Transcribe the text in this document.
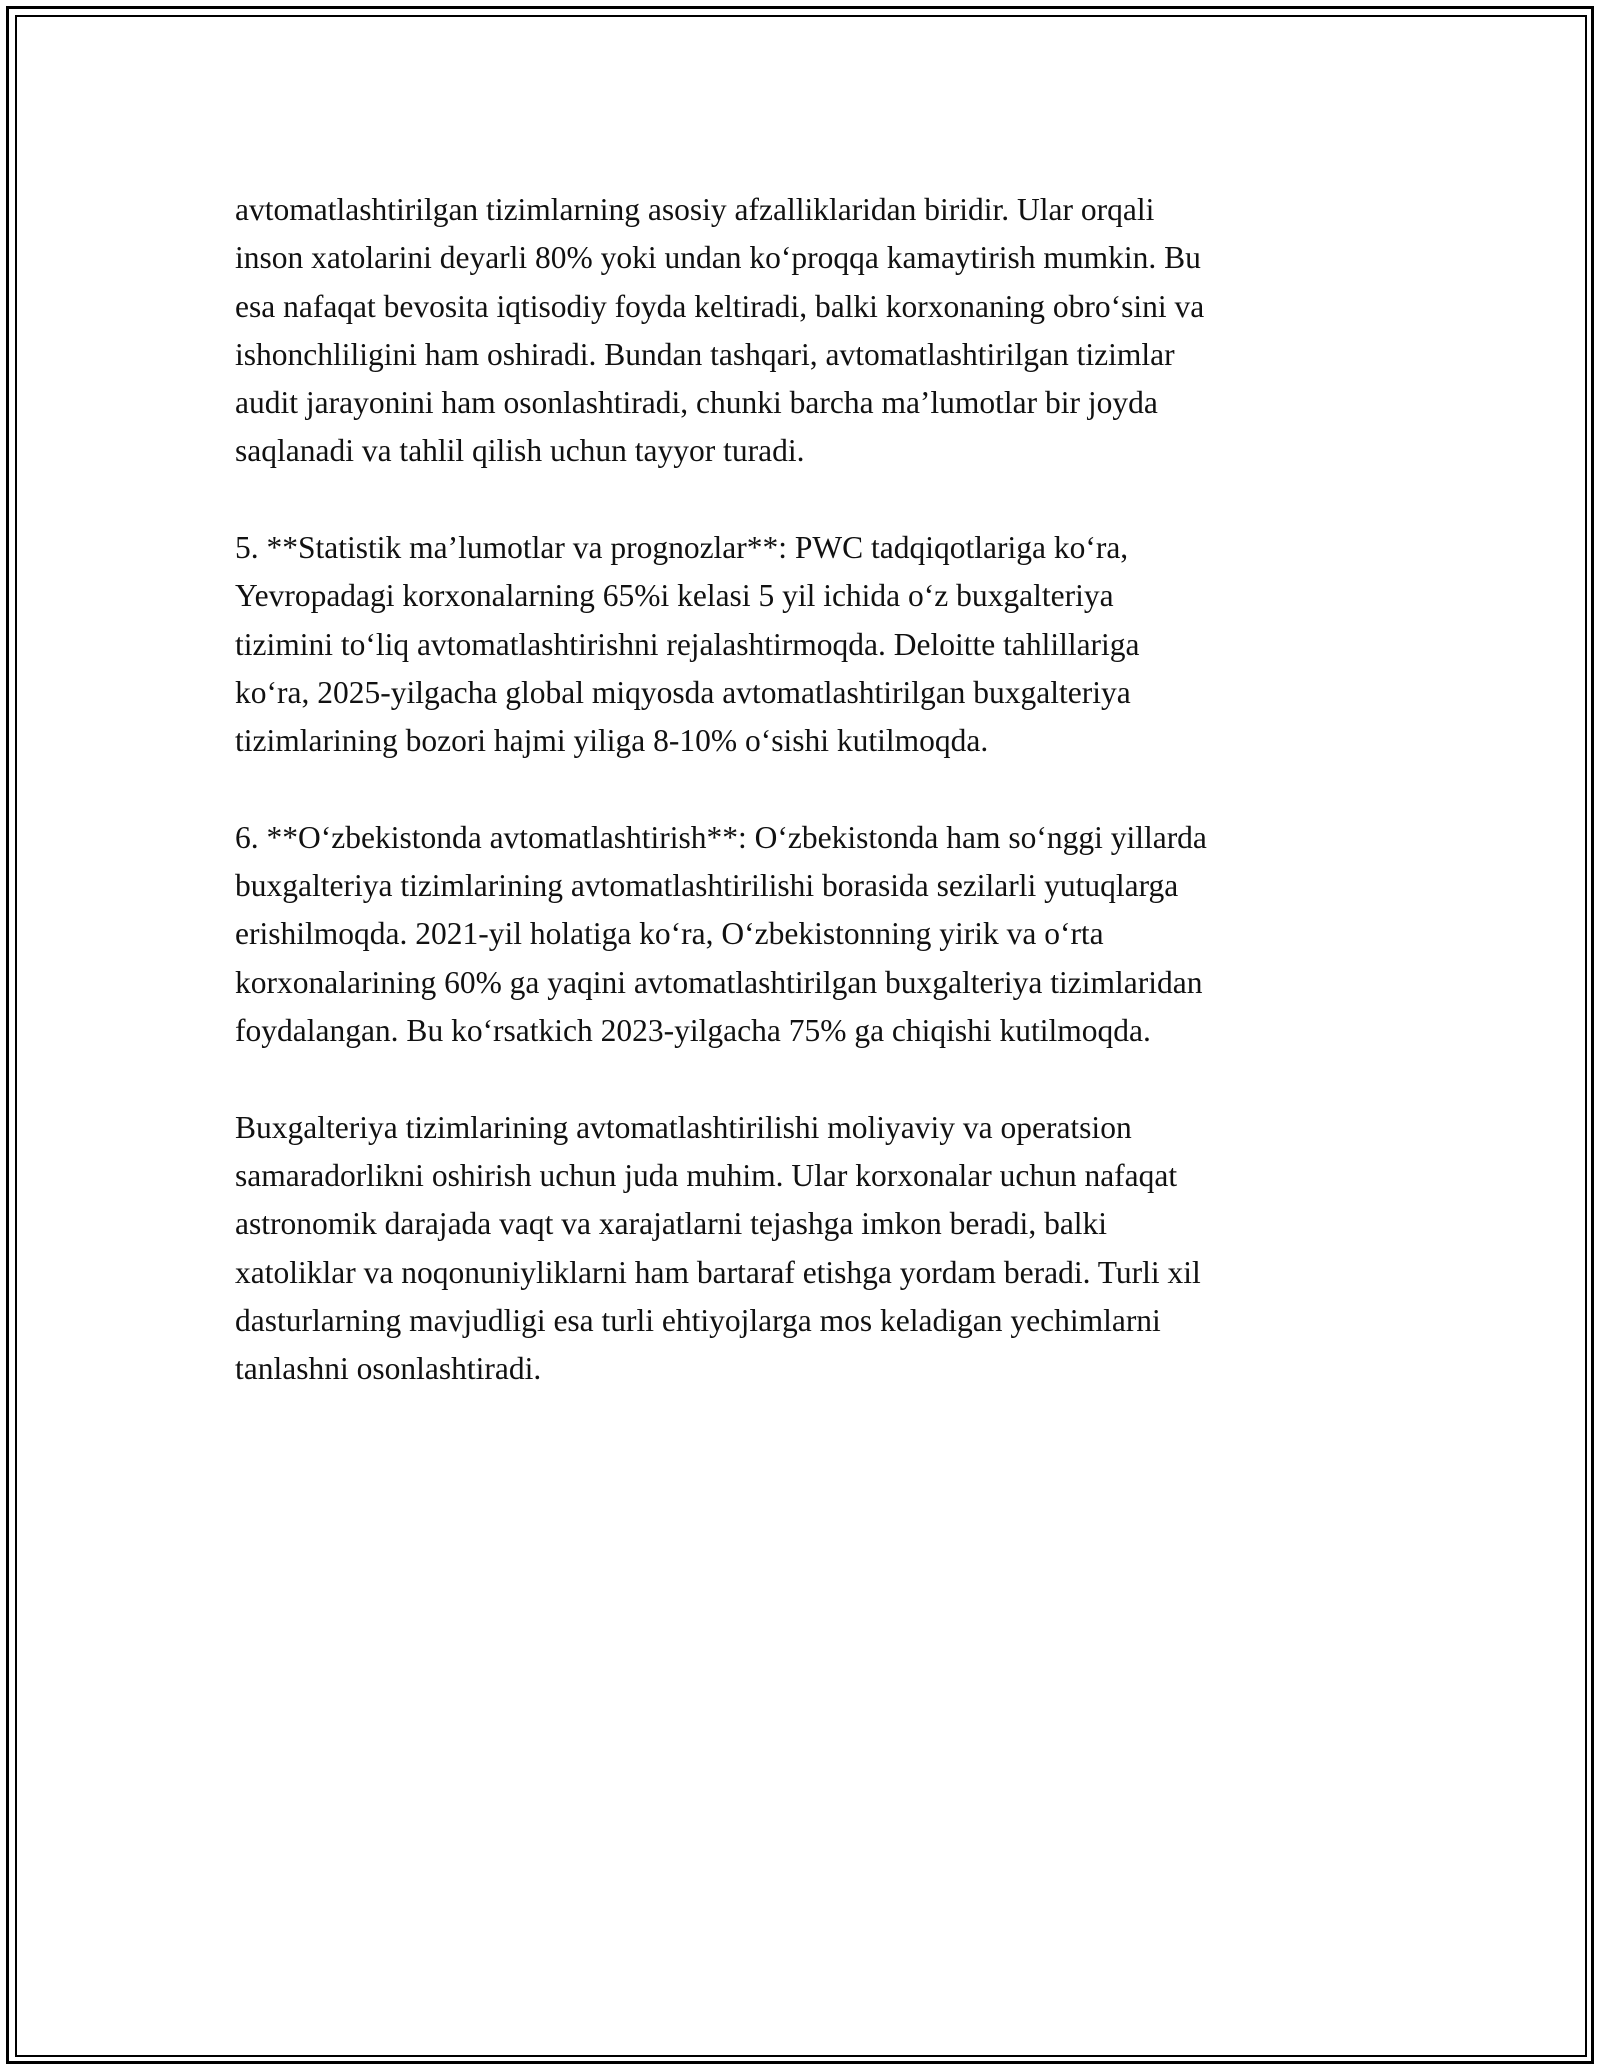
avtomatlashtirilgan tizimlarning asosiy afzalliklaridan biridir. Ular orqali
inson xatolarini deyarli 80% yoki undan ko‘proqqa kamaytirish mumkin. Bu
esa nafaqat bevosita iqtisodiy foyda keltiradi, balki korxonaning obro‘sini va
ishonchliligini ham oshiradi. Bundan tashqari, avtomatlashtirilgan tizimlar
audit jarayonini ham osonlashtiradi, chunki barcha ma’lumotlar bir joyda
saqlanadi va tahlil qilish uchun tayyor turadi.

5. **Statistik ma’lumotlar va prognozlar**: PWC tadqiqotlariga ko‘ra,
Yevropadagi korxonalarning 65%i kelasi 5 yil ichida o‘z buxgalteriya
tizimini to‘liq avtomatlashtirishni rejalashtirmoqda. Deloitte tahlillariga
ko‘ra, 2025-yilgacha global miqyosda avtomatlashtirilgan buxgalteriya
tizimlarining bozori hajmi yiliga 8-10% o‘sishi kutilmoqda.

6. **O‘zbekistonda avtomatlashtirish**: O‘zbekistonda ham so‘nggi yillarda
buxgalteriya tizimlarining avtomatlashtirilishi borasida sezilarli yutuqlarga
erishilmoqda. 2021-yil holatiga ko‘ra, O‘zbekistonning yirik va o‘rta
korxonalarining 60% ga yaqini avtomatlashtirilgan buxgalteriya tizimlaridan
foydalangan. Bu ko‘rsatkich 2023-yilgacha 75% ga chiqishi kutilmoqda.

Buxgalteriya tizimlarining avtomatlashtirilishi moliyaviy va operatsion
samaradorlikni oshirish uchun juda muhim. Ular korxonalar uchun nafaqat
astronomik darajada vaqt va xarajatlarni tejashga imkon beradi, balki
xatoliklar va noqonuniyliklarni ham bartaraf etishga yordam beradi. Turli xil
dasturlarning mavjudligi esa turli ehtiyojlarga mos keladigan yechimlarni
tanlashni osonlashtiradi.
